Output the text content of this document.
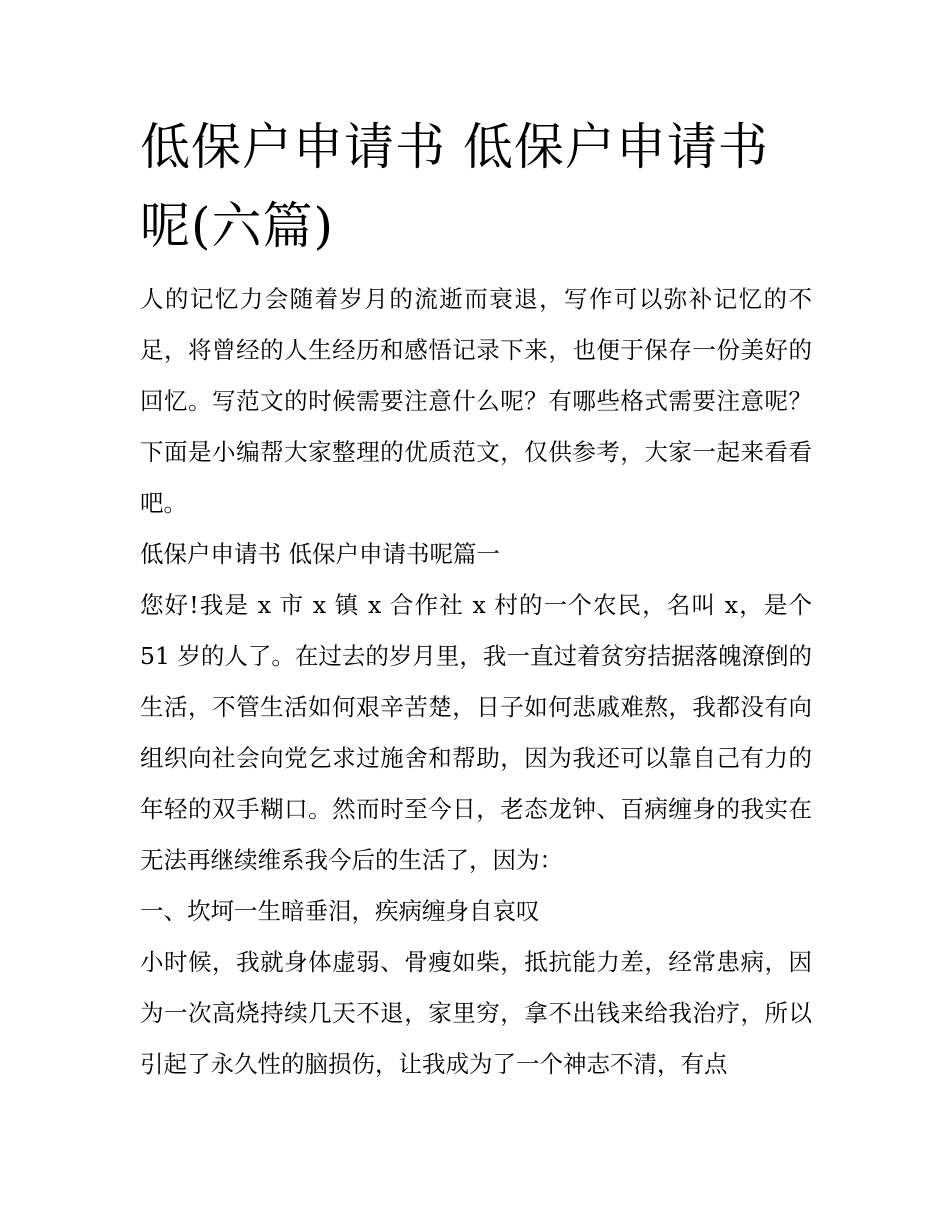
低保户申请书 低保户申请书呢(六篇)

人的记忆力会随着岁月的流逝而衰退，写作可以弥补记忆的不足，将曾经的人生经历和感悟记录下来，也便于保存一份美好的回忆。写范文的时候需要注意什么呢？有哪些格式需要注意呢？下面是小编帮大家整理的优质范文，仅供参考，大家一起来看看吧。

低保户申请书 低保户申请书呢篇一

您好!我是 x 市 x 镇 x 合作社 x 村的一个农民，名叫 x，是个 51 岁的人了。在过去的岁月里，我一直过着贫穷拮据落魄潦倒的生活，不管生活如何艰辛苦楚，日子如何悲戚难熬，我都没有向组织向社会向党乞求过施舍和帮助，因为我还可以靠自己有力的年轻的双手糊口。然而时至今日，老态龙钟、百病缠身的我实在无法再继续维系我今后的生活了，因为：

一、坎坷一生暗垂泪，疾病缠身自哀叹

小时候，我就身体虚弱、骨瘦如柴，抵抗能力差，经常患病，因为一次高烧持续几天不退，家里穷，拿不出钱来给我治疗，所以引起了永久性的脑损伤，让我成为了一个神志不清，有点
